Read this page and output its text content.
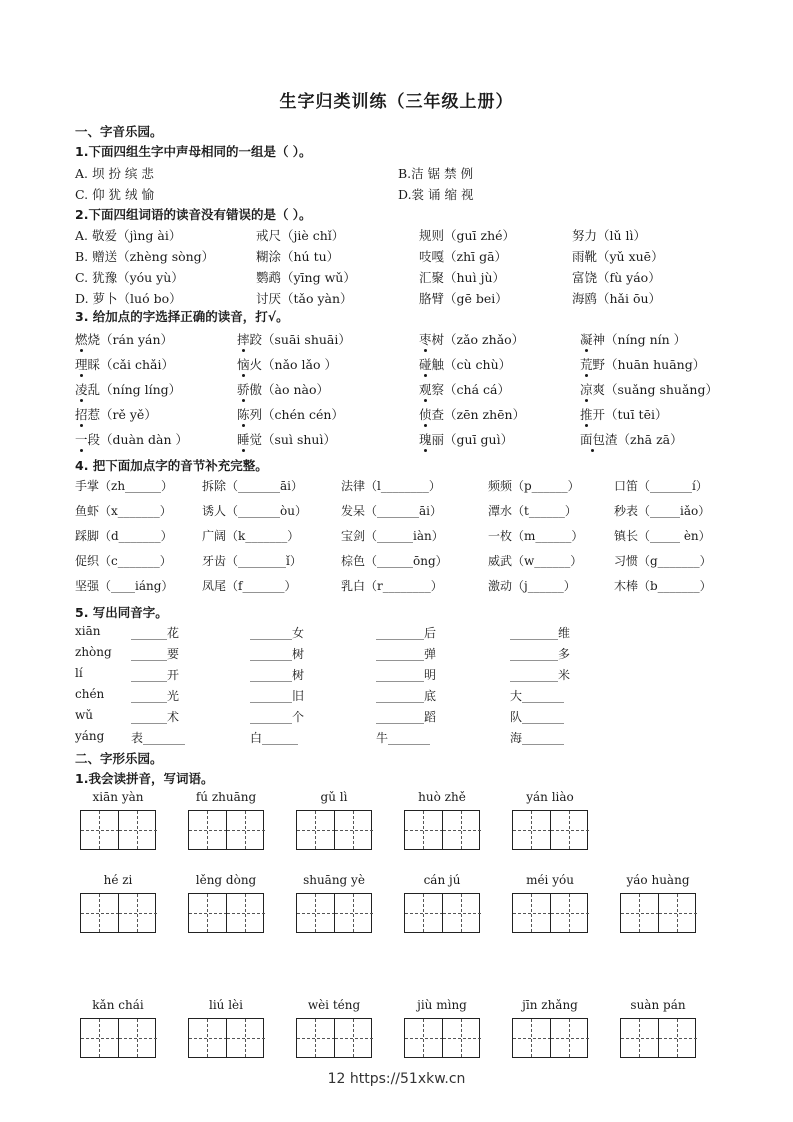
生字归类训练（三年级上册）
一、字音乐园。
1.下面四组生字中声母相同的一组是（ ）。
A. 坝 扮 缤 悲	B.洁 锯 禁 例
C. 仰 犹 绒 愉	D.裳 诵 缩 视
2.下面四组词语的读音没有错误的是（ ）。
A. 敬爱（jìng ài）	戒尺（jiè chǐ）	规则（guī zhé）	努力（lǔ lì）
B. 赠送（zhèng sòng）	糊涂（hú tu）	吱嘎（zhī gā）	雨靴（yǔ xuē）
C. 犹豫（yóu yù）	鹦鹉（yīng wǔ）	汇聚（huì jù）	富饶（fù yáo）
D. 萝卜（luó bo）	讨厌（tǎo yàn）	胳臂（gē bei）	海鸥（hǎi ōu）
3. 给加点的字选择正确的读音，打√。
燃烧（rán yán）	摔跤（suāi shuāi）	枣树（zǎo zhǎo）	凝神（níng nín ）
理睬（cǎi chǎi）	恼火（nǎo lǎo ）	碰触（cù chù）	荒野（huān huāng）
凌乱（níng líng）	骄傲（ào nào）	观察（chá cá）	凉爽（suǎng shuǎng）
招惹（rě yě）	陈列（chén cén）	侦查（zēn zhēn）	推开（tuī tēi）
一段（duàn dàn ）	睡觉（suì shuì）	瑰丽（guī guì）	面包渣（zhā zā）
4. 把下面加点字的音节补充完整。
手掌（zh______） 拆除（_______āi）	法律（l________）	频频（p______）	口笛（_______í）
鱼虾（x_______）	诱人（_______òu）	发呆（_______āi）	潭水（t______）	秒表（_____iǎo）
踩脚（d_______） 广阔（k_______）	宝剑（______iàn）	一枚（m______）	镇长（_____ èn）
促织（c_______）	牙齿（________ǐ）	棕色（______ōng）	威武（w______）	习惯（g_______）
坚强（____iáng） 凤尾（f_______）	乳白（r________）	激动（j______）	木棒（b_______）
5. 写出同音字。
xiān	______花	_______女	________后	________维
zhòng ______要	_______树	________弹	________多
lí	______开	_______树	________明	________米
chén ______光	_______旧	________底	大_______
wǔ	______术	_______个	________蹈	队_______
yáng 表_______	白______	牛_______	海_______
二、字形乐园。
1.我会读拼音，写词语。
xiān yàn	fú zhuāng	gǔ lì	huò zhě	yán liào
hé zi	lěng dòng	shuāng yè	cán jú	méi yóu	yáo huàng
kǎn chái	liú lèi	wèi téng	jiù mìng	jīn zhǎng	suàn pán
12 https://51xkw.cn
